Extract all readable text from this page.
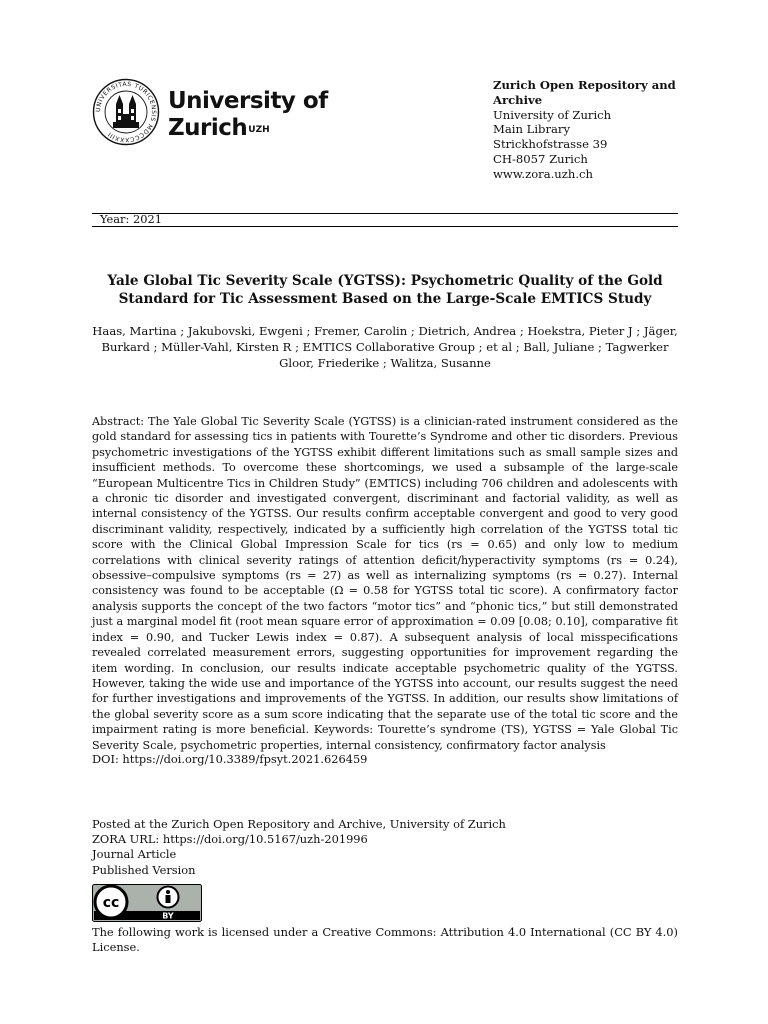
UNIVERSITAS TURICENSIS MDCCCXXXIII
University of
Zurich$^{UZH}$
Zurich Open Repository and Archive
University of Zurich
Main Library
Strickhofstrasse 39
CH-8057 Zurich
www.zora.uzh.ch
Year: 2021
Yale Global Tic Severity Scale (YGTSS): Psychometric Quality of the Gold Standard for Tic Assessment Based on the Large-Scale EMTICS Study
Haas, Martina ; Jakubovski, Ewgeni ; Fremer, Carolin ; Dietrich, Andrea ; Hoekstra, Pieter J ; Jäger, Burkard ; Müller-Vahl, Kirsten R ; EMTICS Collaborative Group ; et al ; Ball, Juliane ; Tagwerker Gloor, Friederike ; Walitza, Susanne
Abstract: The Yale Global Tic Severity Scale (YGTSS) is a clinician-rated instrument considered as the gold standard for assessing tics in patients with Tourette’s Syndrome and other tic disorders. Previous psychometric investigations of the YGTSS exhibit different limitations such as small sample sizes and insufficient methods. To overcome these shortcomings, we used a subsample of the large-scale “European Multicentre Tics in Children Study” (EMTICS) including 706 children and adolescents with a chronic tic disorder and investigated convergent, discriminant and factorial validity, as well as internal consistency of the YGTSS. Our results confirm acceptable convergent and good to very good discriminant validity, respectively, indicated by a sufficiently high correlation of the YGTSS total tic score with the Clinical Global Impression Scale for tics (rs = 0.65) and only low to medium correlations with clinical severity ratings of attention deficit/hyperactivity symptoms (rs = 0.24), obsessive–compulsive symptoms (rs = 27) as well as internalizing symptoms (rs = 0.27). Internal consistency was found to be acceptable (Ω = 0.58 for YGTSS total tic score). A confirmatory factor analysis supports the concept of the two factors “motor tics” and “phonic tics,” but still demonstrated just a marginal model fit (root mean square error of approximation = 0.09 [0.08; 0.10], comparative fit index = 0.90, and Tucker Lewis index = 0.87). A subsequent analysis of local misspecifications revealed correlated measurement errors, suggesting opportunities for improvement regarding the item wording. In conclusion, our results indicate acceptable psychometric quality of the YGTSS. However, taking the wide use and importance of the YGTSS into account, our results suggest the need for further investigations and improvements of the YGTSS. In addition, our results show limitations of the global severity score as a sum score indicating that the separate use of the total tic score and the impairment rating is more beneficial. Keywords: Tourette’s syndrome (TS), YGTSS = Yale Global Tic Severity Scale, psychometric properties, internal consistency, confirmatory factor analysis
DOI: https://doi.org/10.3389/fpsyt.2021.626459
Posted at the Zurich Open Repository and Archive, University of Zurich
ZORA URL: https://doi.org/10.5167/uzh-201996
Journal Article
Published Version
cc
BY
The following work is licensed under a Creative Commons: Attribution 4.0 International (CC BY 4.0) License.
